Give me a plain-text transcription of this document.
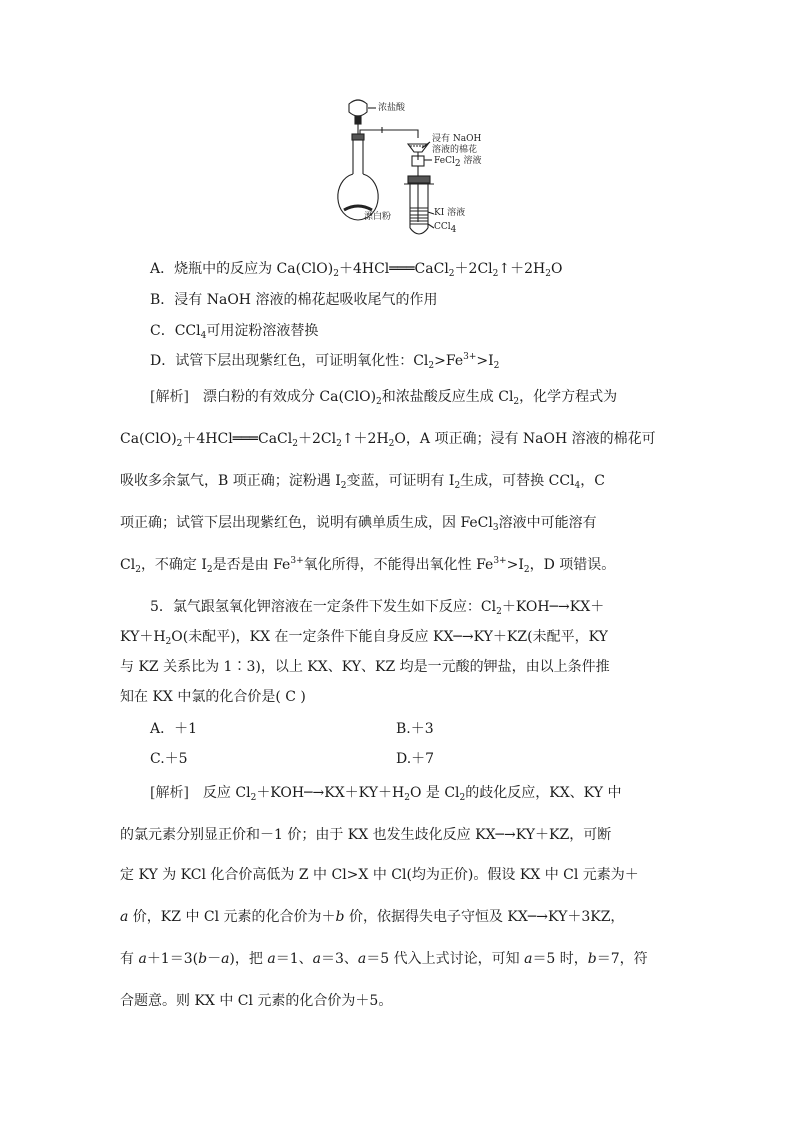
浓盐酸
浸有 NaOH
溶液的棉花
FeCl2 溶液
漂白粉	KI 溶液
CCl4
A．烧瓶中的反应为 $Ca(ClO)_2+4HCl═══CaCl_2+2Cl_2↑+2H_2O$
B．浸有 NaOH 溶液的棉花起吸收尾气的作用
C．CCl$_4$可用淀粉溶液替换
D．试管下层出现紫红色，可证明氧化性：$Cl_2>Fe^{3+}>I_2$
[解析]　漂白粉的有效成分 $Ca(ClO)_2$和浓盐酸反应生成 $Cl_2$，化学方程式为
$Ca(ClO)_2+4HCl═══CaCl_2+2Cl_2↑+2H_2O$，A 项正确；浸有 NaOH 溶液的棉花可
吸收多余氯气，B 项正确；淀粉遇 $I_2$变蓝，可证明有 $I_2$生成，可替换 CCl$_4$，C
项正确；试管下层出现紫红色，说明有碘单质生成，因 FeCl$_3$溶液中可能溶有
$Cl_2$，不确定 $I_2$是否是由 $Fe^{3+}$氧化所得，不能得出氧化性 $Fe^{3+}>I_2$，D 项错误。
5．氯气跟氢氧化钾溶液在一定条件下发生如下反应：$Cl_2+KOH─\to KX+$
$KY+H_2O$(未配平)，KX 在一定条件下能自身反应 KX─→KY＋KZ(未配平，KY
与 KZ 关系比为 1∶3)，以上 KX、KY、KZ 均是一元酸的钾盐，由以上条件推
知在 KX 中氯的化合价是( C )
A．＋1	B.＋3
C.＋5	D.＋7
[解析]　反应 $Cl_2+KOH─\to KX+KY+H_2O$ 是 $Cl_2$的歧化反应，KX、KY 中
的氯元素分别显正价和－1 价；由于 KX 也发生歧化反应 KX─→KY＋KZ，可断
定 KY 为 KCl 化合价高低为 Z 中 Cl>X 中 Cl(均为正价)。假设 KX 中 Cl 元素为＋
a 价，KZ 中 Cl 元素的化合价为＋b 价，依据得失电子守恒及 KX─→KY＋3KZ，
有 a＋1＝3(b－a)，把 a＝1、a＝3、a＝5 代入上式讨论，可知 a＝5 时，b＝7，符
合题意。则 KX 中 Cl 元素的化合价为＋5。
